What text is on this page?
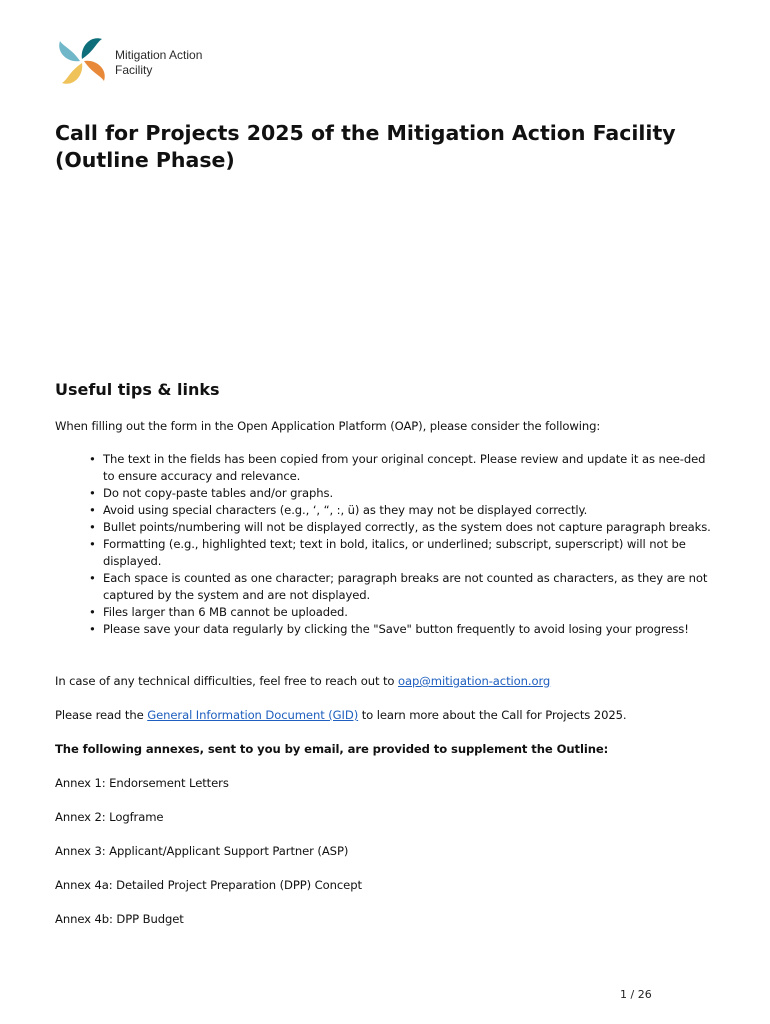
Mitigation Action
Facility
Call for Projects 2025 of the Mitigation Action Facility (Outline Phase)
Useful tips & links

When filling out the form in the Open Application Platform (OAP), please consider the following:

• The text in the fields has been copied from your original concept. Please review and update it as nee-ded to ensure accuracy and relevance.
• Do not copy-paste tables and/or graphs.
• Avoid using special characters (e.g., ‘, “, :, ü) as they may not be displayed correctly.
• Bullet points/numbering will not be displayed correctly, as the system does not capture paragraph breaks.
• Formatting (e.g., highlighted text; text in bold, italics, or underlined; subscript, superscript) will not be displayed.
• Each space is counted as one character; paragraph breaks are not counted as characters, as they are not captured by the system and are not displayed.
• Files larger than 6 MB cannot be uploaded.
• Please save your data regularly by clicking the "Save" button frequently to avoid losing your progress!

In case of any technical difficulties, feel free to reach out to oap@mitigation-action.org

Please read the General Information Document (GID) to learn more about the Call for Projects 2025.

The following annexes, sent to you by email, are provided to supplement the Outline:

Annex 1: Endorsement Letters

Annex 2: Logframe

Annex 3: Applicant/Applicant Support Partner (ASP)

Annex 4a: Detailed Project Preparation (DPP) Concept

Annex 4b: DPP Budget

1 / 26
